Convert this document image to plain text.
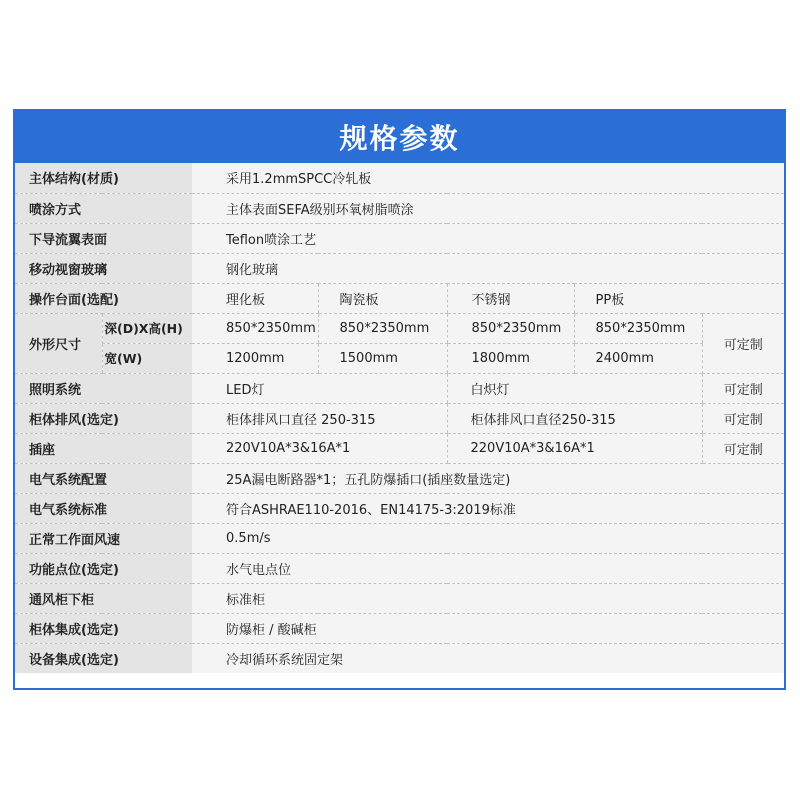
规格参数
主体结构(材质)		采用1.2mmSPCC冷轧板				
喷涂方式		主体表面SEFA级别环氧树脂喷涂				
下导流翼表面		Teflon喷涂工艺				
移动视窗玻璃		钢化玻璃				
操作台面(选配)		理化板	陶瓷板	不锈钢	PP板	
外形尺寸	深(D)X高(H)	850*2350mm	850*2350mm	850*2350mm	850*2350mm	可定制
	宽(W)	1200mm	1500mm	1800mm	2400mm	
照明系统		LED灯		白炽灯		可定制
柜体排风(选定)		柜体排风口直径 250-315		柜体排风口直径250-315		可定制
插座		220V10A*3&16A*1		220V10A*3&16A*1		可定制
电气系统配置		25A漏电断路器*1；五孔防爆插口(插座数量选定)				
电气系统标准		符合ASHRAE110-2016、EN14175-3:2019标准				
正常工作面风速		0.5m/s				
功能点位(选定)		水气电点位				
通风柜下柜		标准柜				
柜体集成(选定)		防爆柜 / 酸碱柜				
设备集成(选定)		冷却循环系统固定架				
